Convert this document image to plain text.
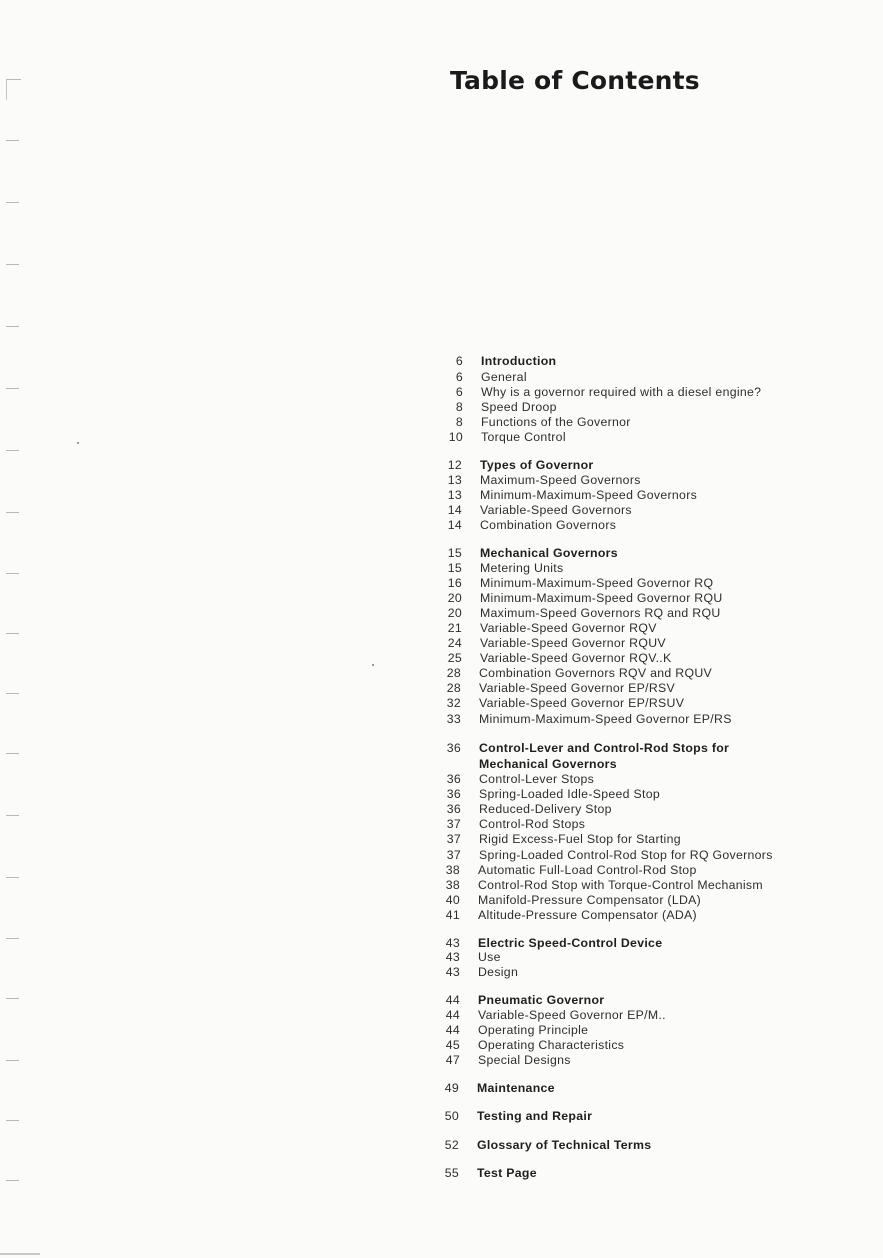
Table of Contents
6 Introduction
6 General
6 Why is a governor required with a diesel engine?
8 Speed Droop
8 Functions of the Governor
10 Torque Control
12 Types of Governor
13 Maximum-Speed Governors
13 Minimum-Maximum-Speed Governors
14 Variable-Speed Governors
14 Combination Governors
15 Mechanical Governors
15 Metering Units
16 Minimum-Maximum-Speed Governor RQ
20 Minimum-Maximum-Speed Governor RQU
20 Maximum-Speed Governors RQ and RQU
21 Variable-Speed Governor RQV
24 Variable-Speed Governor RQUV
25 Variable-Speed Governor RQV..K
28 Combination Governors RQV and RQUV
28 Variable-Speed Governor EP/RSV
32 Variable-Speed Governor EP/RSUV
33 Minimum-Maximum-Speed Governor EP/RS
36 Control-Lever and Control-Rod Stops for
Mechanical Governors
36 Control-Lever Stops
36 Spring-Loaded Idle-Speed Stop
36 Reduced-Delivery Stop
37 Control-Rod Stops
37 Rigid Excess-Fuel Stop for Starting
37 Spring-Loaded Control-Rod Stop for RQ Governors
38 Automatic Full-Load Control-Rod Stop
38 Control-Rod Stop with Torque-Control Mechanism
40 Manifold-Pressure Compensator (LDA)
41 Altitude-Pressure Compensator (ADA)
43 Electric Speed-Control Device
43 Use
43 Design
44 Pneumatic Governor
44 Variable-Speed Governor EP/M..
44 Operating Principle
45 Operating Characteristics
47 Special Designs
49 Maintenance
50 Testing and Repair
52 Glossary of Technical Terms
55 Test Page
